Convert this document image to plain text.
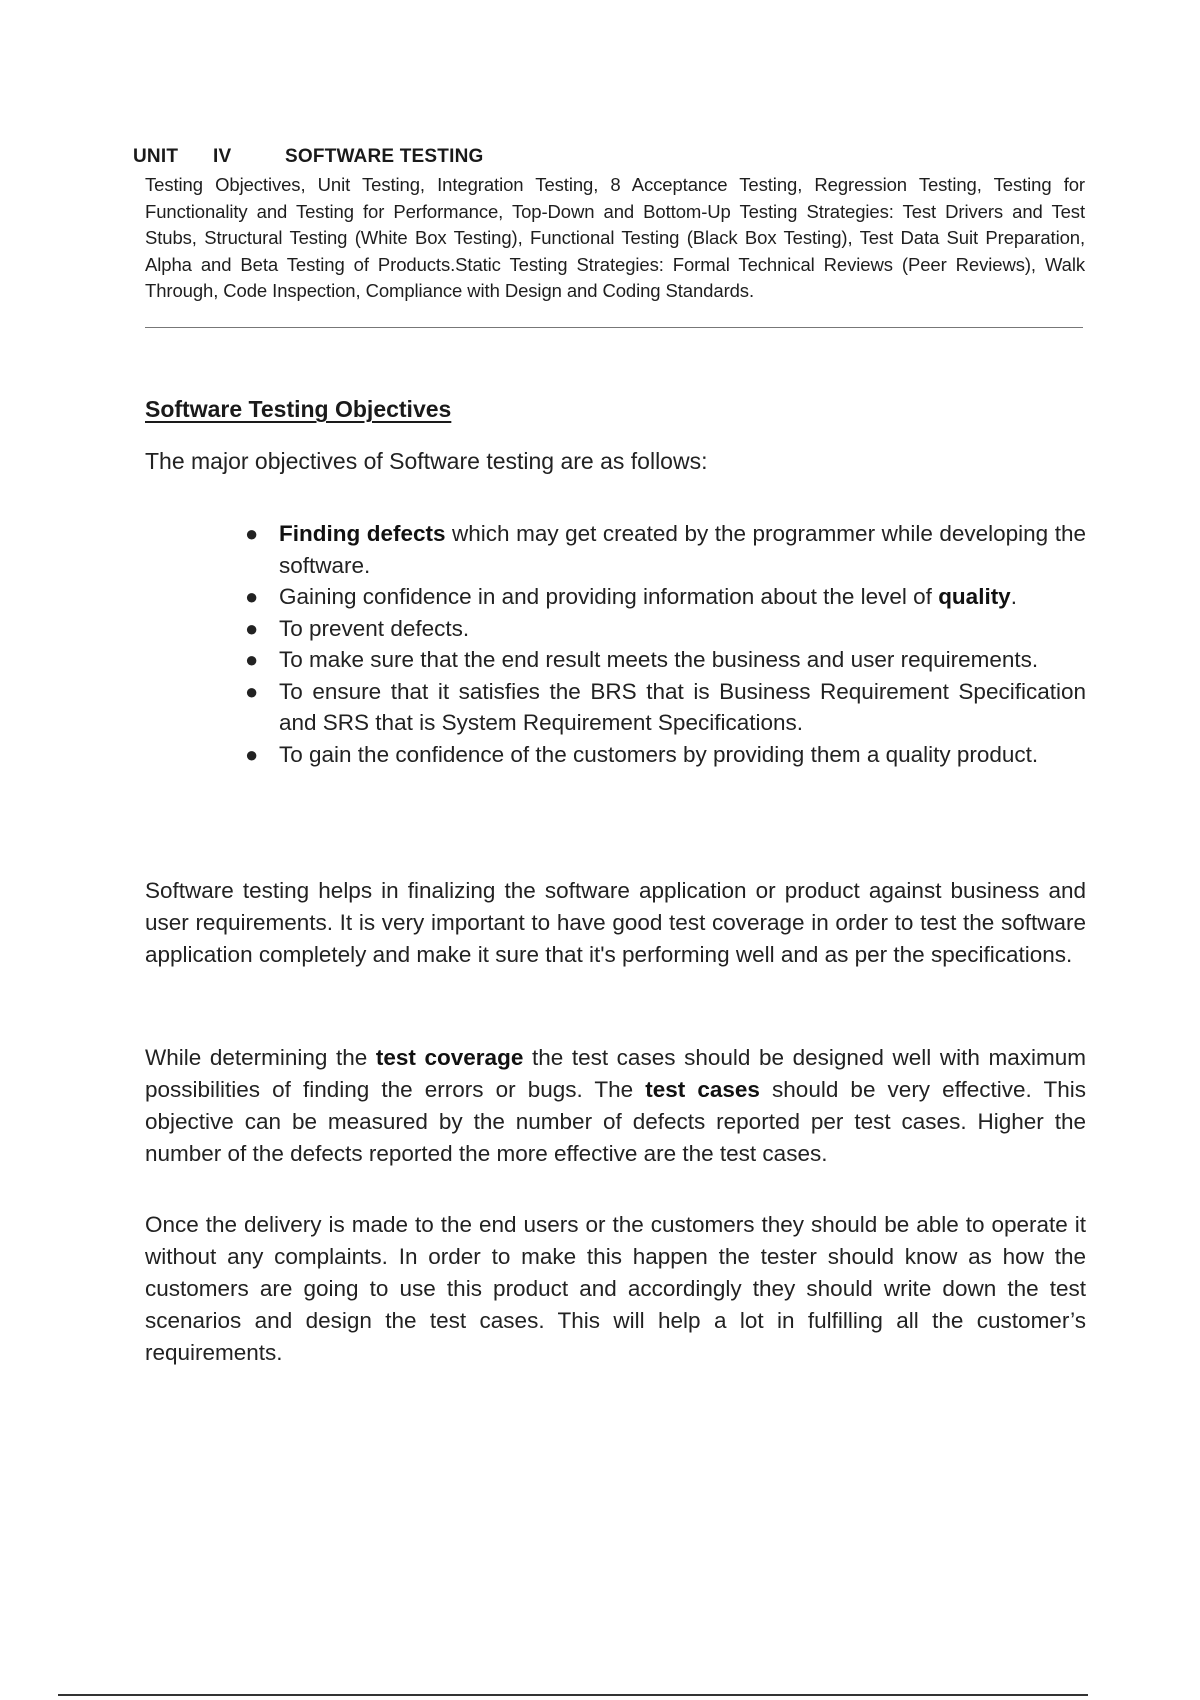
UNIT IV	SOFTWARE TESTING
Testing Objectives, Unit Testing, Integration Testing, 8 Acceptance Testing, Regression Testing, Testing for Functionality and Testing for Performance, Top-Down and Bottom-Up Testing Strategies: Test Drivers and Test Stubs, Structural Testing (White Box Testing), Functional Testing (Black Box Testing), Test Data Suit Preparation, Alpha and Beta Testing of Products.Static Testing Strategies: Formal Technical Reviews (Peer Reviews), Walk Through, Code Inspection, Compliance with Design and Coding Standards.
Software Testing Objectives

The major objectives of Software testing are as follows:

● Finding defects which may get created by the programmer while developing the software.
● Gaining confidence in and providing information about the level of quality.
● To prevent defects.
● To make sure that the end result meets the business and user requirements.
● To ensure that it satisfies the BRS that is Business Requirement Specification and SRS that is System Requirement Specifications.
● To gain the confidence of the customers by providing them a quality product.

Software testing helps in finalizing the software application or product against business and user requirements. It is very important to have good test coverage in order to test the software application completely and make it sure that it's performing well and as per the specifications.

While determining the test coverage the test cases should be designed well with maximum possibilities of finding the errors or bugs. The test cases should be very effective. This objective can be measured by the number of defects reported per test cases. Higher the number of the defects reported the more effective are the test cases.

Once the delivery is made to the end users or the customers they should be able to operate it without any complaints. In order to make this happen the tester should know as how the customers are going to use this product and accordingly they should write down the test scenarios and design the test cases. This will help a lot in fulfilling all the customer’s requirements.
